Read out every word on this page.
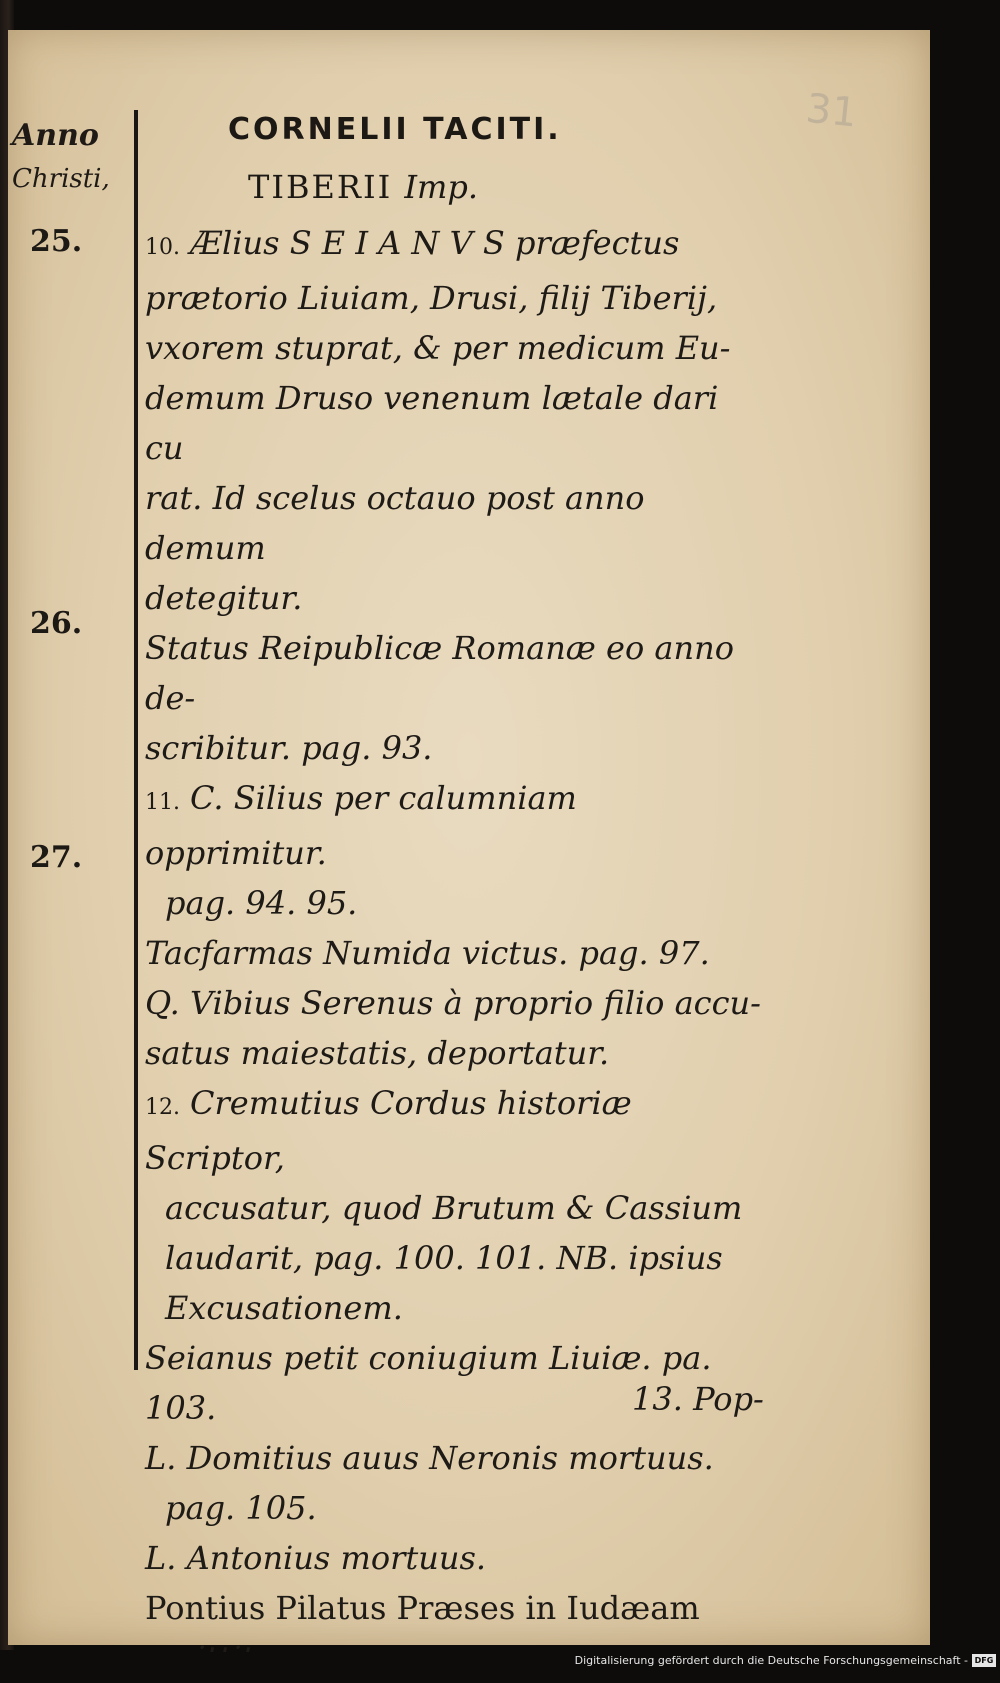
31
Anno
Christi,
25.
26.
27.
CORNELII TACITI.
TIBERII Imp.
10. Ælius S E I A N V S præfectus
prætorio Liuiam, Drusi, filij Tiberij,
vxorem stuprat, & per medicum Eu-
demum Druso venenum lætale dari cu
rat. Id scelus octauo post anno demum
detegitur.
Status Reipublicæ Romanæ eo anno de-
scribitur. pag. 93.
11. C. Silius per calumniam opprimitur.
pag. 94. 95.
Tacfarmas Numida victus. pag. 97.
Q. Vibius Serenus à proprio filio accu-
satus maiestatis, deportatur.
12. Cremutius Cordus historiæ Scriptor,
accusatur, quod Brutum & Cassium
laudarit, pag. 100. 101. NB. ipsius
Excusationem.
Seianus petit coniugium Liuiæ. pa. 103.
L. Domitius auus Neronis mortuus.
pag. 105.
L. Antonius mortuus.
Pontius Pilatus Præses in Iudæam
13. Pop-
Digitalisierung gefördert durch die Deutsche Forschungsgemeinschaft - DFG
